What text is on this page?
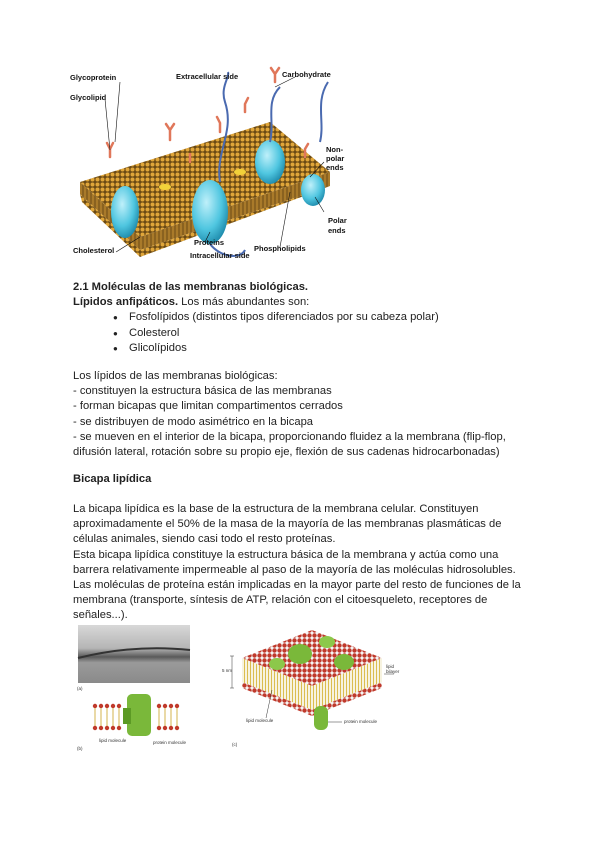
Glycoprotein
Glycolipid
Extracellular side	Carbohydrate
Non-
polar
ends
Polar
ends
Cholesterol
Proteins
Phospholipids
Intracellular side

2.1 Moléculas de las membranas biológicas.

Lípidos anfipáticos. Los más abundantes son:

● Fosfolípidos (distintos tipos diferenciados por su cabeza polar)
● Colesterol
● Glicolípidos

Los lípidos de las membranas biológicas:

- constituyen la estructura básica de las membranas

- forman bicapas que limitan compartimentos cerrados

- se distribuyen de modo asimétrico en la bicapa

- se mueven en el interior de la bicapa, proporcionando fluidez a la membrana (flip-flop, difusión lateral, rotación sobre su propio eje, flexión de sus cadenas hidrocarbonadas)

Bicapa lipídica

La bicapa lipídica es la base de la estructura de la membrana celular. Constituyen aproximadamente el 50% de la masa de la mayoría de las membranas plasmáticas de células animales, siendo casi todo el resto proteínas.

Esta bicapa lipídica constituye la estructura básica de la membrana y actúa como una barrera relativamente impermeable al paso de la mayoría de las moléculas hidrosolubles.

Las moléculas de proteína están implicadas en la mayor parte del resto de funciones de la membrana (transporte, síntesis de ATP, relación con el citoesqueleto, receptores de señales...).

(a)
lipid molecule	protein molecule
(b)
5 nm
lipid
bilayer
lipid molecule	protein molecule
(c)
